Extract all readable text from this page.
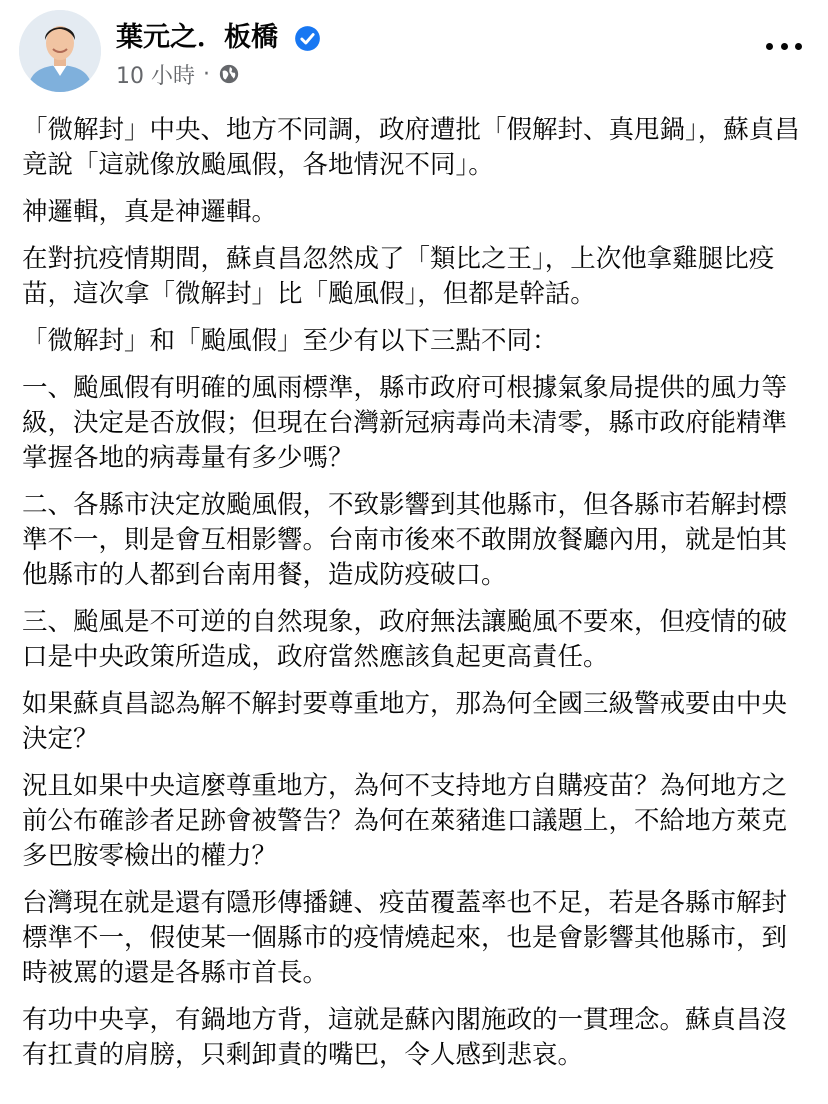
葉元之．板橋
10 小時 ·

「微解封」中央、地方不同調，政府遭批「假解封、真甩鍋」，蘇貞昌竟說「這就像放颱風假，各地情況不同」。

神邏輯，真是神邏輯。

在對抗疫情期間，蘇貞昌忽然成了「類比之王」，上次他拿雞腿比疫苗，這次拿「微解封」比「颱風假」，但都是幹話。

「微解封」和「颱風假」至少有以下三點不同：

一、颱風假有明確的風雨標準，縣市政府可根據氣象局提供的風力等級，決定是否放假；但現在台灣新冠病毒尚未清零，縣市政府能精準掌握各地的病毒量有多少嗎？

二、各縣市決定放颱風假，不致影響到其他縣市，但各縣市若解封標準不一，則是會互相影響。台南市後來不敢開放餐廳內用，就是怕其他縣市的人都到台南用餐，造成防疫破口。

三、颱風是不可逆的自然現象，政府無法讓颱風不要來，但疫情的破口是中央政策所造成，政府當然應該負起更高責任。

如果蘇貞昌認為解不解封要尊重地方，那為何全國三級警戒要由中央決定？

況且如果中央這麼尊重地方，為何不支持地方自購疫苗？為何地方之前公布確診者足跡會被警告？為何在萊豬進口議題上，不給地方萊克多巴胺零檢出的權力？

台灣現在就是還有隱形傳播鏈、疫苗覆蓋率也不足，若是各縣市解封標準不一，假使某一個縣市的疫情燒起來，也是會影響其他縣市，到時被罵的還是各縣市首長。

有功中央享，有鍋地方背，這就是蘇內閣施政的一貫理念。蘇貞昌沒有扛責的肩膀，只剩卸責的嘴巴，令人感到悲哀。
